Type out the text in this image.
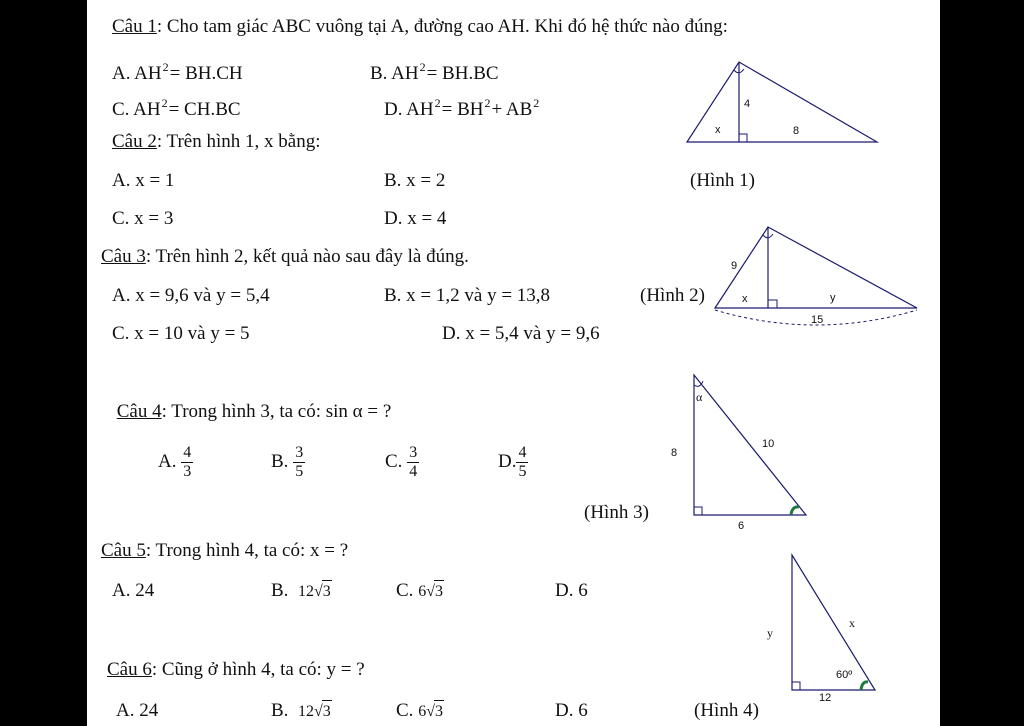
Câu 1: Cho tam giác ABC vuông tại A, đường cao AH. Khi đó hệ thức nào đúng:
A. $AH^2= BH.CH$	B. $AH^2= BH.BC$
C. $AH^2= CH.BC$	D. $AH^2= BH^2+ AB^2$
Câu 2: Trên hình 1, x bằng:
A. x = 1	B. x = 2
C. x = 3	D. x = 4
(Hình 1)
Câu 3: Trên hình 2, kết quả nào sau đây là đúng.
A. x = 9,6 và y = 5,4	B. x = 1,2 và y = 13,8
C. x = 10 và y = 5	D. x = 5,4 và y = 9,6
(Hình 2)
Câu 4: Trong hình 3, ta có: sin α = ?
A. $\frac{4}{3}$	B. $\frac{3}{5}$	C. $\frac{3}{4}$	D. $\frac{4}{5}$
(Hình 3)
Câu 5: Trong hình 4, ta có: x = ?
A. 24	B. 12√3	C. 6√3	D. 6
Câu 6: Cũng ở hình 4, ta có: y = ?
A. 24	B. 12√3	C. 6√3	D. 6	(Hình 4)
4
x	8
9
x	y
15
α
8
10
6
y
x
60º
12
